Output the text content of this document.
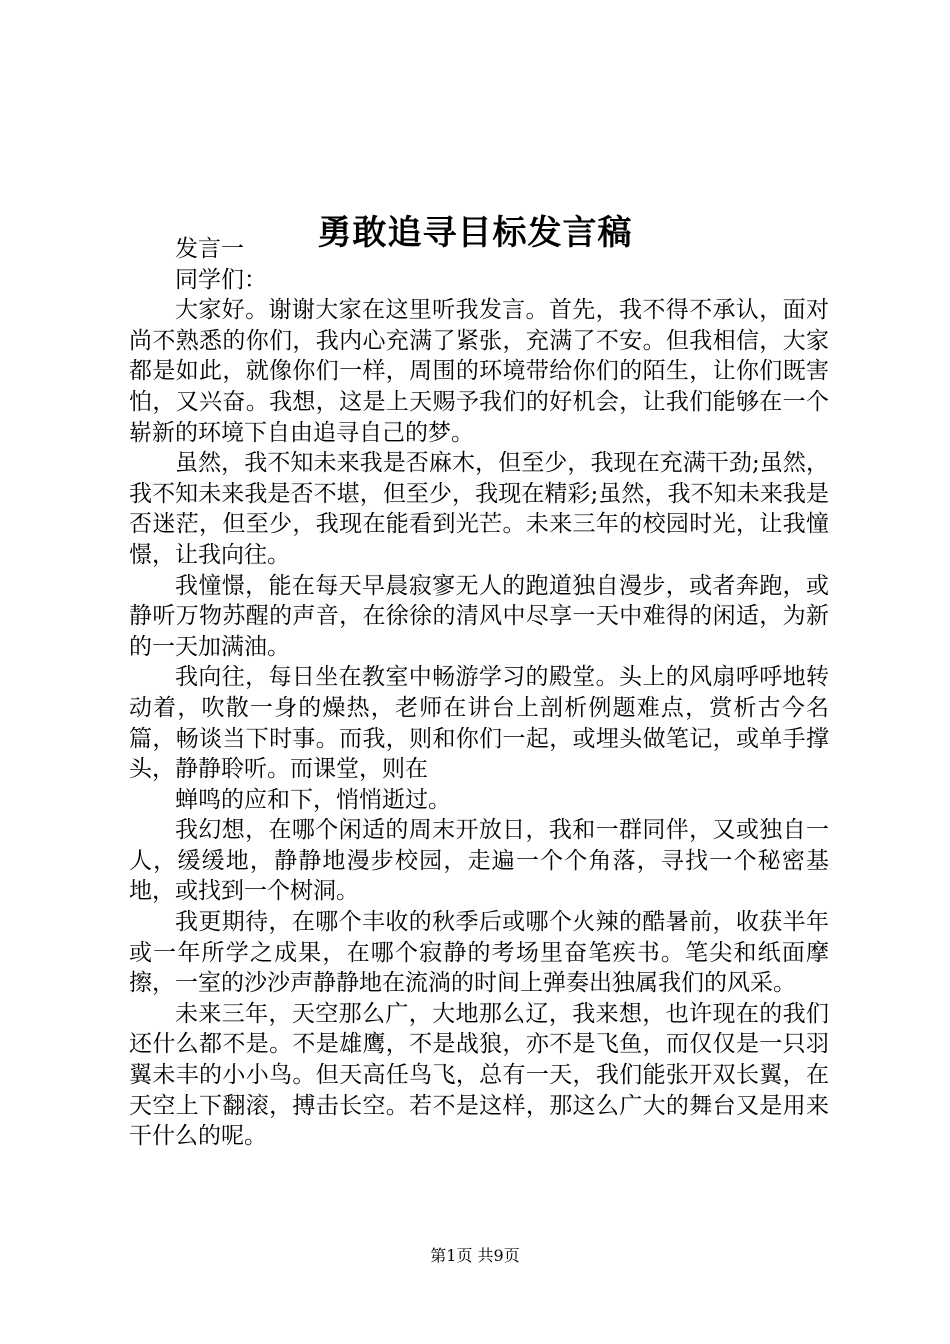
勇敢追寻目标发言稿

发言一

同学们：

大家好。谢谢大家在这里听我发言。首先，我不得不承认，面对尚不熟悉的你们，我内心充满了紧张，充满了不安。但我相信，大家都是如此，就像你们一样，周围的环境带给你们的陌生，让你们既害怕，又兴奋。我想，这是上天赐予我们的好机会，让我们能够在一个崭新的环境下自由追寻自己的梦。

虽然，我不知未来我是否麻木，但至少，我现在充满干劲;虽然，我不知未来我是否不堪，但至少，我现在精彩;虽然，我不知未来我是否迷茫，但至少，我现在能看到光芒。未来三年的校园时光，让我憧憬，让我向往。

我憧憬，能在每天早晨寂寥无人的跑道独自漫步，或者奔跑，或静听万物苏醒的声音，在徐徐的清风中尽享一天中难得的闲适，为新的一天加满油。

我向往，每日坐在教室中畅游学习的殿堂。头上的风扇呼呼地转动着，吹散一身的燥热，老师在讲台上剖析例题难点，赏析古今名篇，畅谈当下时事。而我，则和你们一起，或埋头做笔记，或单手撑头，静静聆听。而课堂，则在

蝉鸣的应和下，悄悄逝过。

我幻想，在哪个闲适的周末开放日，我和一群同伴，又或独自一人，缓缓地，静静地漫步校园，走遍一个个角落，寻找一个秘密基地，或找到一个树洞。

我更期待，在哪个丰收的秋季后或哪个火辣的酷暑前，收获半年或一年所学之成果，在哪个寂静的考场里奋笔疾书。笔尖和纸面摩擦，一室的沙沙声静静地在流淌的时间上弹奏出独属我们的风采。

未来三年，天空那么广，大地那么辽，我来想，也许现在的我们还什么都不是。不是雄鹰，不是战狼，亦不是飞鱼，而仅仅是一只羽翼未丰的小小鸟。但天高任鸟飞，总有一天，我们能张开双长翼，在天空上下翻滚，搏击长空。若不是这样，那这么广大的舞台又是用来干什么的呢。

第1页 共9页
